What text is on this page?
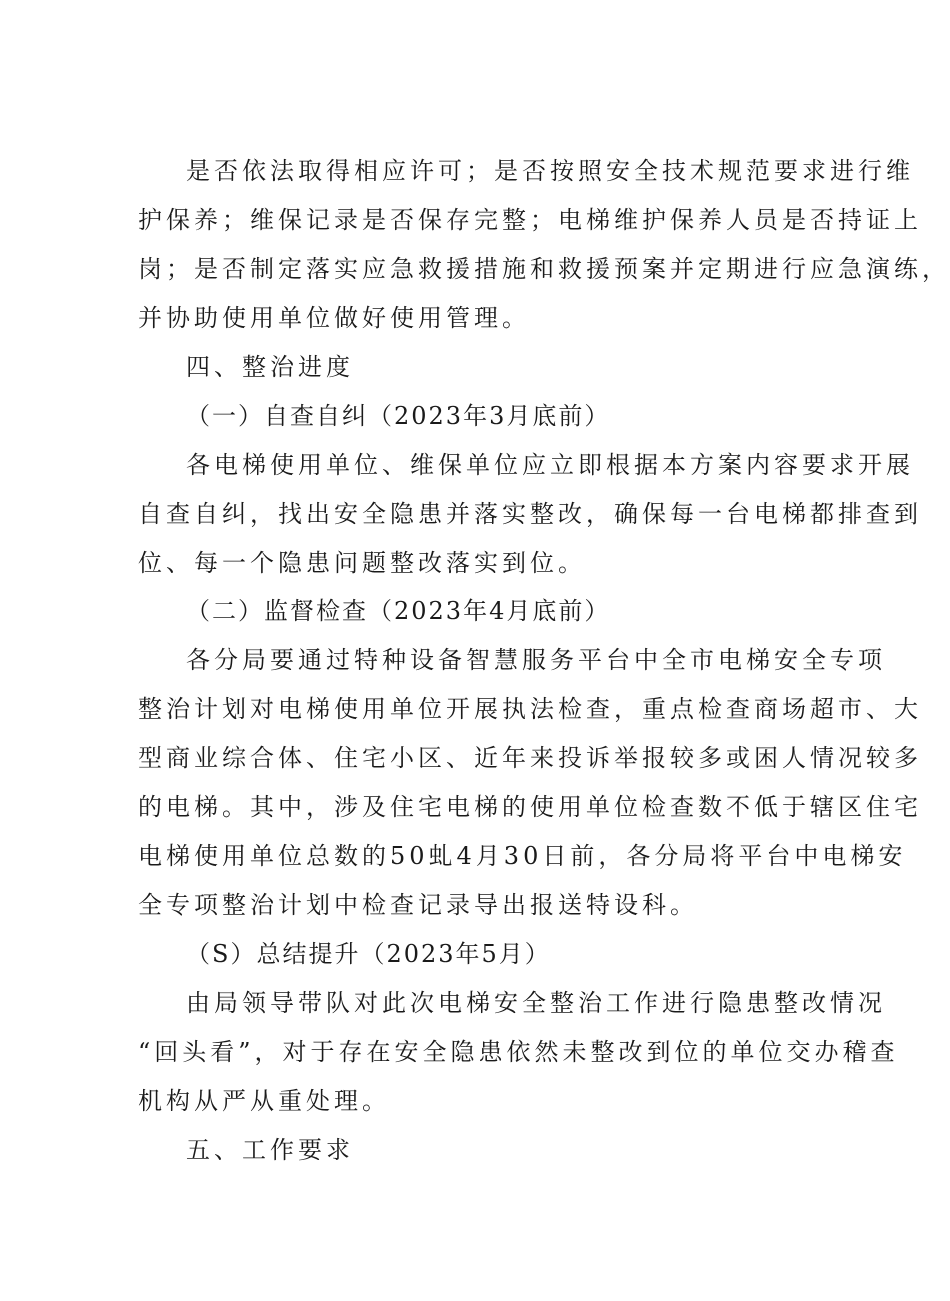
是否依法取得相应许可；是否按照安全技术规范要求进行维

护保养；维保记录是否保存完整；电梯维护保养人员是否持证上

岗；是否制定落实应急救援措施和救援预案并定期进行应急演练，

并协助使用单位做好使用管理。

四、整治进度

（一）自查自纠（2023年3月底前）

各电梯使用单位、维保单位应立即根据本方案内容要求开展

自查自纠，找出安全隐患并落实整改，确保每一台电梯都排查到

位、每一个隐患问题整改落实到位。

（二）监督检查（2023年4月底前）

各分局要通过特种设备智慧服务平台中全市电梯安全专项

整治计划对电梯使用单位开展执法检查，重点检查商场超市、大

型商业综合体、住宅小区、近年来投诉举报较多或困人情况较多

的电梯。其中，涉及住宅电梯的使用单位检查数不低于辖区住宅

电梯使用单位总数的50虬4月30日前，各分局将平台中电梯安

全专项整治计划中检查记录导出报送特设科。

（S）总结提升（2023年5月）

由局领导带队对此次电梯安全整治工作进行隐患整改情况

“回头看”，对于存在安全隐患依然未整改到位的单位交办稽查

机构从严从重处理。

五、工作要求
